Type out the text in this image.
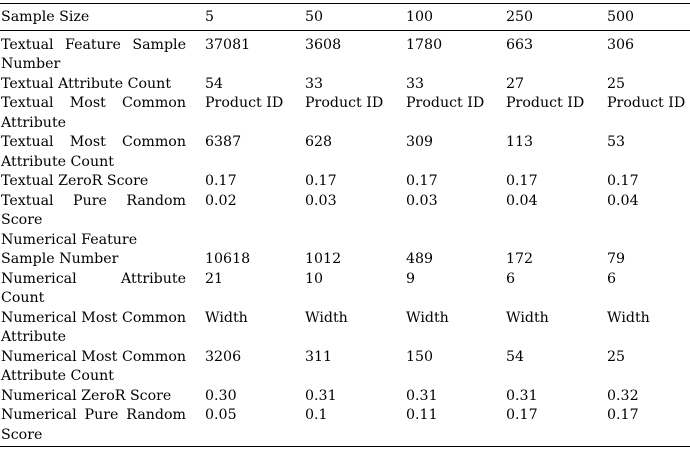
Sample Size	5	50	100	250	500
Textual Feature Sample Number	37081	3608	1780	663	306
Textual Attribute Count	54	33	33	27	25
Textual Most Common Attribute	Product ID	Product ID	Product ID	Product ID	Product ID
Textual Most Common Attribute Count	6387	628	309	113	53
Textual ZeroR Score	0.17	0.17	0.17	0.17	0.17
Textual Pure Random Score	0.02	0.03	0.03	0.04	0.04
Numerical Feature					
Sample Number	10618	1012	489	172	79
Numerical Attribute Count	21	10	9	6	6
Numerical Most Common Attribute	Width	Width	Width	Width	Width
Numerical Most Common Attribute Count	3206	311	150	54	25
Numerical ZeroR Score	0.30	0.31	0.31	0.31	0.32
Numerical Pure Random Score	0.05	0.1	0.11	0.17	0.17
